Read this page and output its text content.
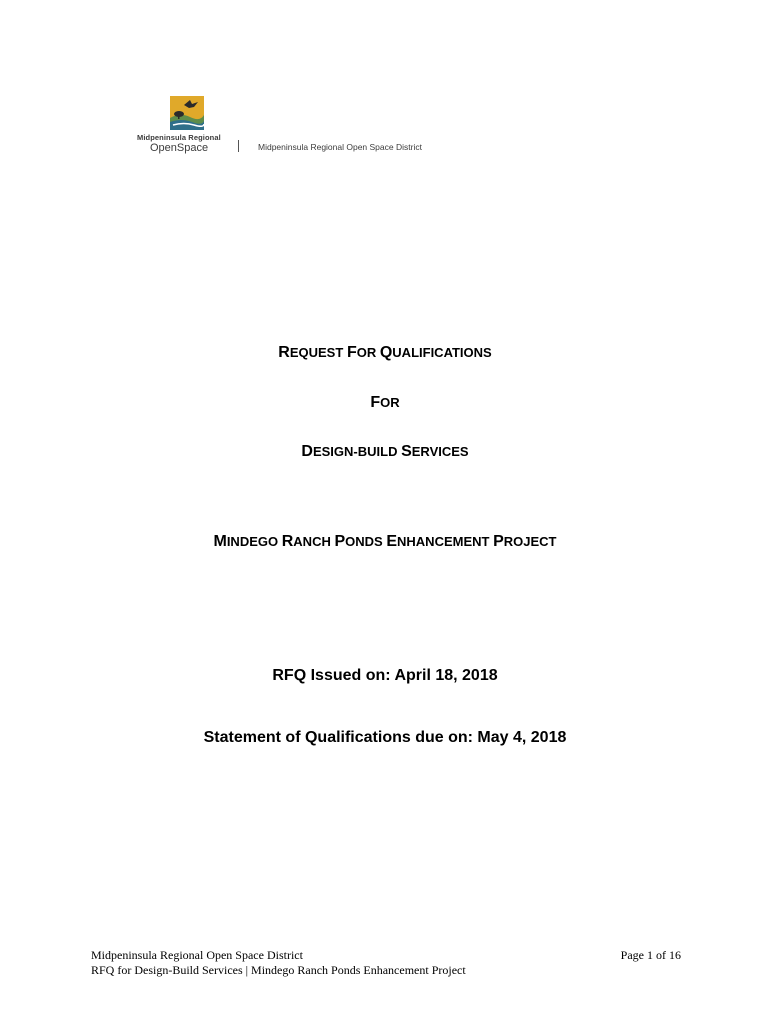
Midpeninsula Regional
OpenSpace	Midpeninsula Regional Open Space District
REQUEST FOR QUALIFICATIONS
FOR
DESIGN-BUILD SERVICES
MINDEGO RANCH PONDS ENHANCEMENT PROJECT
RFQ Issued on: April 18, 2018
Statement of Qualifications due on: May 4, 2018
Midpeninsula Regional Open Space District
RFQ for Design-Build Services | Mindego Ranch Ponds Enhancement Project
Page 1 of 16
